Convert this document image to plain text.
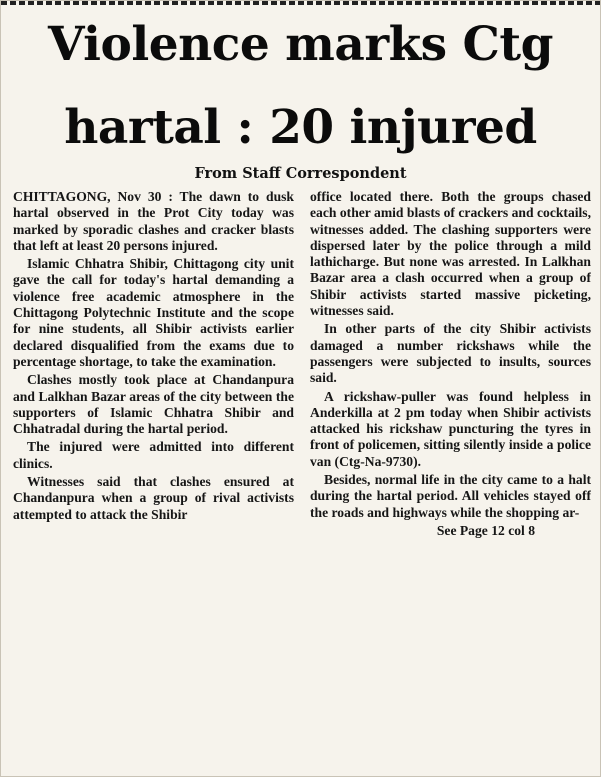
Violence marks Ctg
hartal : 20 injured
From Staff Correspondent

CHITTAGONG, Nov 30 : The dawn to dusk hartal observed in the Prot City today was marked by sporadic clashes and cracker blasts that left at least 20 persons injured.

Islamic Chhatra Shibir, Chittagong city unit gave the call for today's hartal demanding a violence free academic atmosphere in the Chittagong Polytechnic Institute and the scope for nine students, all Shibir activists earlier declared disqualified from the exams due to percentage shortage, to take the examination.

Clashes mostly took place at Chandanpura and Lalkhan Bazar areas of the city between the supporters of Islamic Chhatra Shibir and Chhatradal during the hartal period.

The injured were admitted into different clinics.

Witnesses said that clashes ensured at Chandanpura when a group of rival activists attempted to attack the Shibir

office located there. Both the groups chased each other amid blasts of crackers and cocktails, witnesses added. The clashing supporters were dispersed later by the police through a mild lathicharge. But none was arrested. In Lalkhan Bazar area a clash occurred when a group of Shibir activists started massive picketing, witnesses said.

In other parts of the city Shibir activists damaged a number rickshaws while the passengers were subjected to insults, sources said.

A rickshaw-puller was found helpless in Anderkilla at 2 pm today when Shibir activists attacked his rickshaw puncturing the tyres in front of policemen, sitting silently inside a police van (Ctg-Na-9730).

Besides, normal life in the city came to a halt during the hartal period. All vehicles stayed off the roads and highways while the shopping ar-

See Page 12 col 8
